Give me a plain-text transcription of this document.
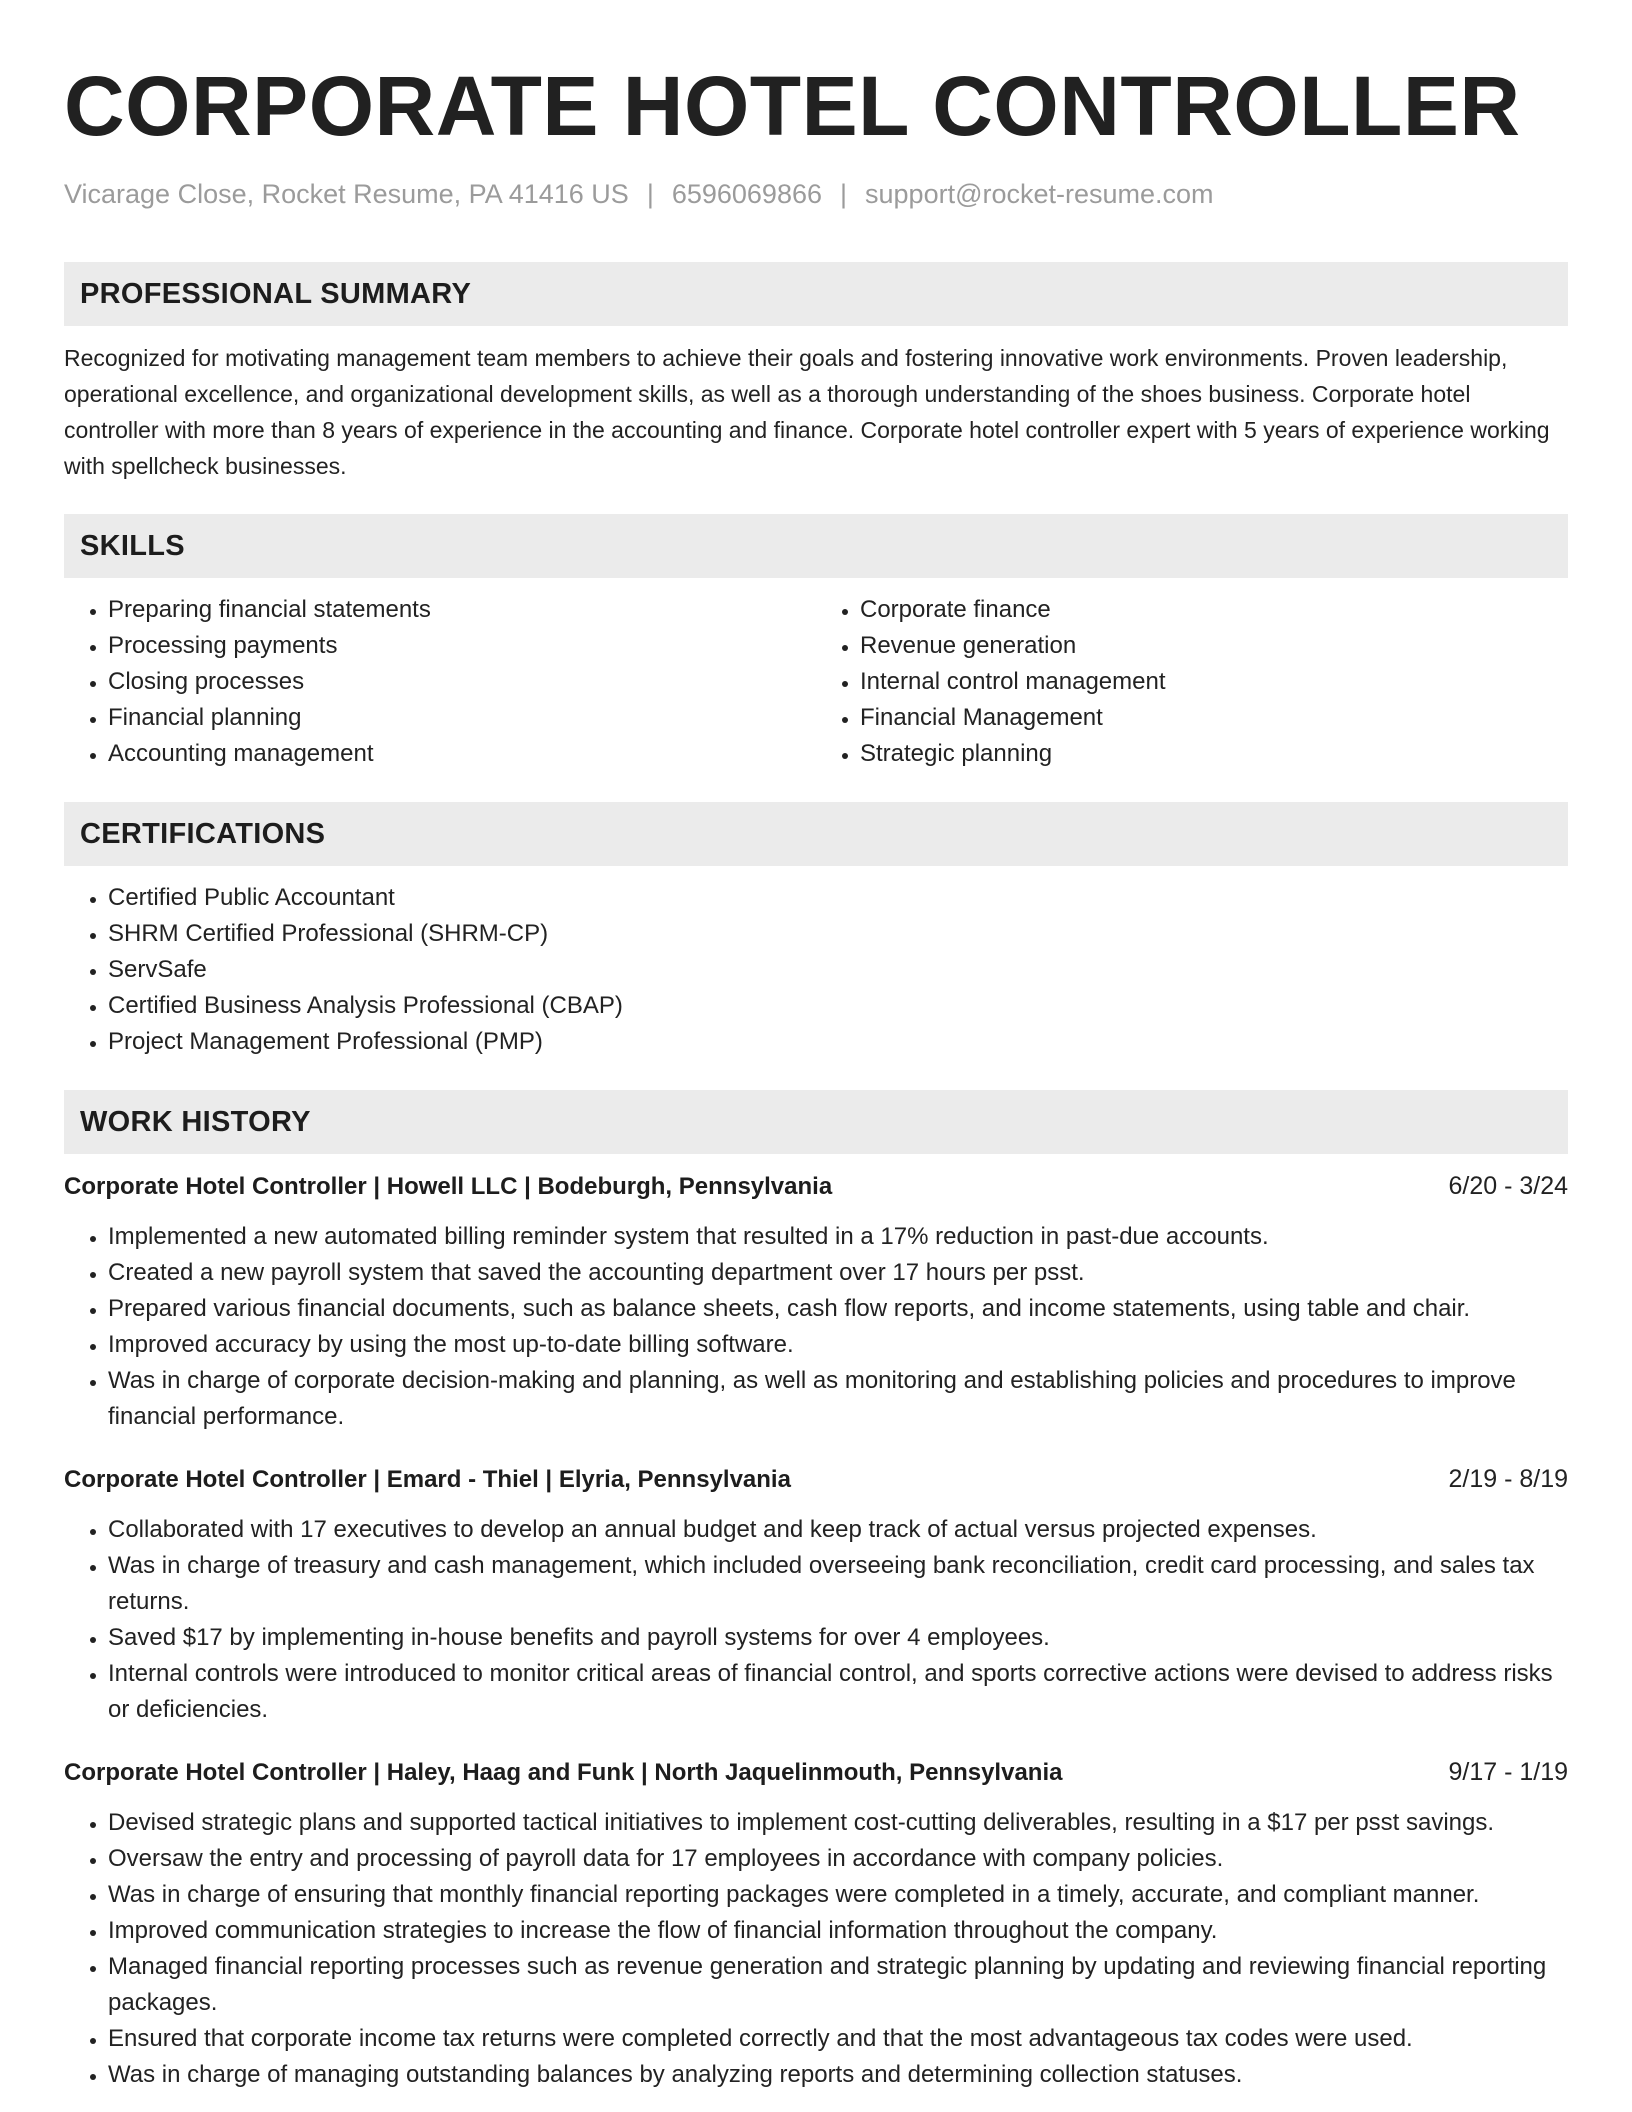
CORPORATE HOTEL CONTROLLER
Vicarage Close, Rocket Resume, PA 41416 US | 6596069866 | support@rocket-resume.com
PROFESSIONAL SUMMARY

Recognized for motivating management team members to achieve their goals and fostering innovative work environments. Proven leadership, operational excellence, and organizational development skills, as well as a thorough understanding of the shoes business. Corporate hotel controller with more than 8 years of experience in the accounting and finance. Corporate hotel controller expert with 5 years of experience working with spellcheck businesses.

SKILLS
• Preparing financial statements
• Processing payments
• Closing processes
• Financial planning
• Accounting management
• Corporate finance
• Revenue generation
• Internal control management
• Financial Management
• Strategic planning
CERTIFICATIONS
• Certified Public Accountant
• SHRM Certified Professional (SHRM-CP)
• ServSafe
• Certified Business Analysis Professional (CBAP)
• Project Management Professional (PMP)
WORK HISTORY
Corporate Hotel Controller | Howell LLC | Bodeburgh, Pennsylvania	6/20 - 3/24
• Implemented a new automated billing reminder system that resulted in a 17% reduction in past-due accounts.
• Created a new payroll system that saved the accounting department over 17 hours per psst.
• Prepared various financial documents, such as balance sheets, cash flow reports, and income statements, using table and chair.
• Improved accuracy by using the most up-to-date billing software.
• Was in charge of corporate decision-making and planning, as well as monitoring and establishing policies and procedures to improve financial performance.
Corporate Hotel Controller | Emard - Thiel | Elyria, Pennsylvania	2/19 - 8/19
• Collaborated with 17 executives to develop an annual budget and keep track of actual versus projected expenses.
• Was in charge of treasury and cash management, which included overseeing bank reconciliation, credit card processing, and sales tax returns.
• Saved $17 by implementing in-house benefits and payroll systems for over 4 employees.
• Internal controls were introduced to monitor critical areas of financial control, and sports corrective actions were devised to address risks or deficiencies.
Corporate Hotel Controller | Haley, Haag and Funk | North Jaquelinmouth, Pennsylvania	9/17 - 1/19
• Devised strategic plans and supported tactical initiatives to implement cost-cutting deliverables, resulting in a $17 per psst savings.
• Oversaw the entry and processing of payroll data for 17 employees in accordance with company policies.
• Was in charge of ensuring that monthly financial reporting packages were completed in a timely, accurate, and compliant manner.
• Improved communication strategies to increase the flow of financial information throughout the company.
• Managed financial reporting processes such as revenue generation and strategic planning by updating and reviewing financial reporting packages.
• Ensured that corporate income tax returns were completed correctly and that the most advantageous tax codes were used.
• Was in charge of managing outstanding balances by analyzing reports and determining collection statuses.
